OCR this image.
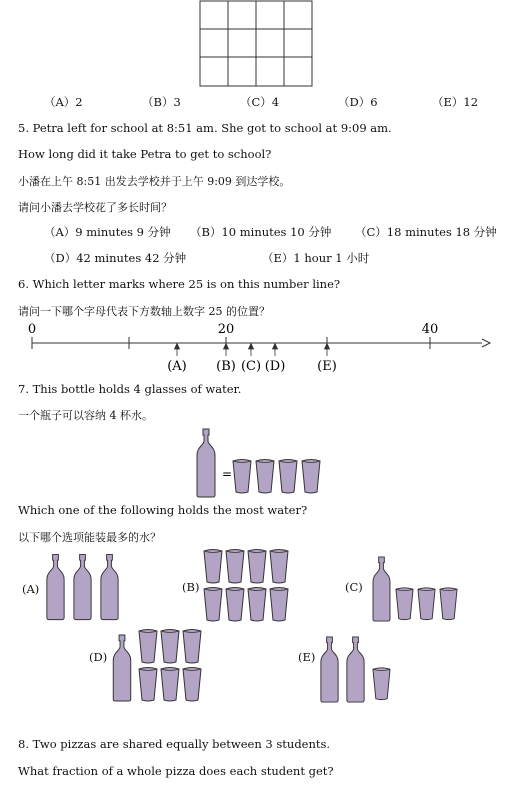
（A）2	（B）3	（C）4	（D）6	（E）12
5. Petra left for school at 8:51 am. She got to school at 9:09 am.
How long did it take Petra to get to school?
小潘在上午 8:51 出发去学校并于上午 9:09 到达学校。
请问小潘去学校花了多长时间？
（A）9 minutes 9 分钟 （B）10 minutes 10 分钟 （C）18 minutes 18 分钟
（D）42 minutes 42 分钟	（E）1 hour 1 小时
6. Which letter marks where 25 is on this number line?
请问一下哪个字母代表下方数轴上数字 25 的位置？
0	20	40
(A) (B) (C) (D) (E)
7. This bottle holds 4 glasses of water.
一个瓶子可以容纳 4 杯水。
=
Which one of the following holds the most water?
以下哪个选项能装最多的水？
(A)	(B)	(C)
(D)	(E)
8. Two pizzas are shared equally between 3 students.
What fraction of a whole pizza does each student get?
